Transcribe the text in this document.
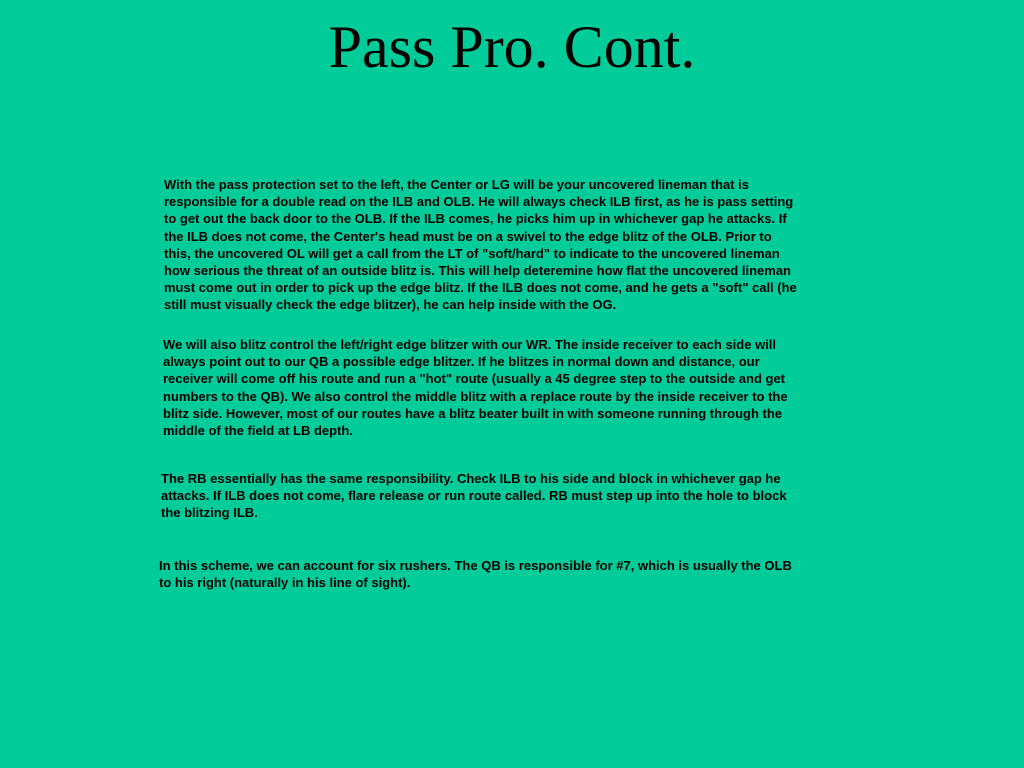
Pass Pro. Cont.
With the pass protection set to the left, the Center or LG will be your uncovered lineman that is
responsible for a double read on the ILB and OLB. He will always check ILB first, as he is pass setting
to get out the back door to the OLB. If the ILB comes, he picks him up in whichever gap he attacks. If
the ILB does not come, the Center's head must be on a swivel to the edge blitz of the OLB. Prior to
this, the uncovered OL will get a call from the LT of "soft/hard" to indicate to the uncovered lineman
how serious the threat of an outside blitz is. This will help deteremine how flat the uncovered lineman
must come out in order to pick up the edge blitz. If the ILB does not come, and he gets a "soft" call (he
still must visually check the edge blitzer), he can help inside with the OG.
We will also blitz control the left/right edge blitzer with our WR. The inside receiver to each side will
always point out to our QB a possible edge blitzer. If he blitzes in normal down and distance, our
receiver will come off his route and run a "hot" route (usually a 45 degree step to the outside and get
numbers to the QB). We also control the middle blitz with a replace route by the inside receiver to the
blitz side. However, most of our routes have a blitz beater built in with someone running through the
middle of the field at LB depth.
The RB essentially has the same responsibility. Check ILB to his side and block in whichever gap he
attacks. If ILB does not come, flare release or run route called. RB must step up into the hole to block
the blitzing ILB.
In this scheme, we can account for six rushers. The QB is responsible for #7, which is usually the OLB
to his right (naturally in his line of sight).
